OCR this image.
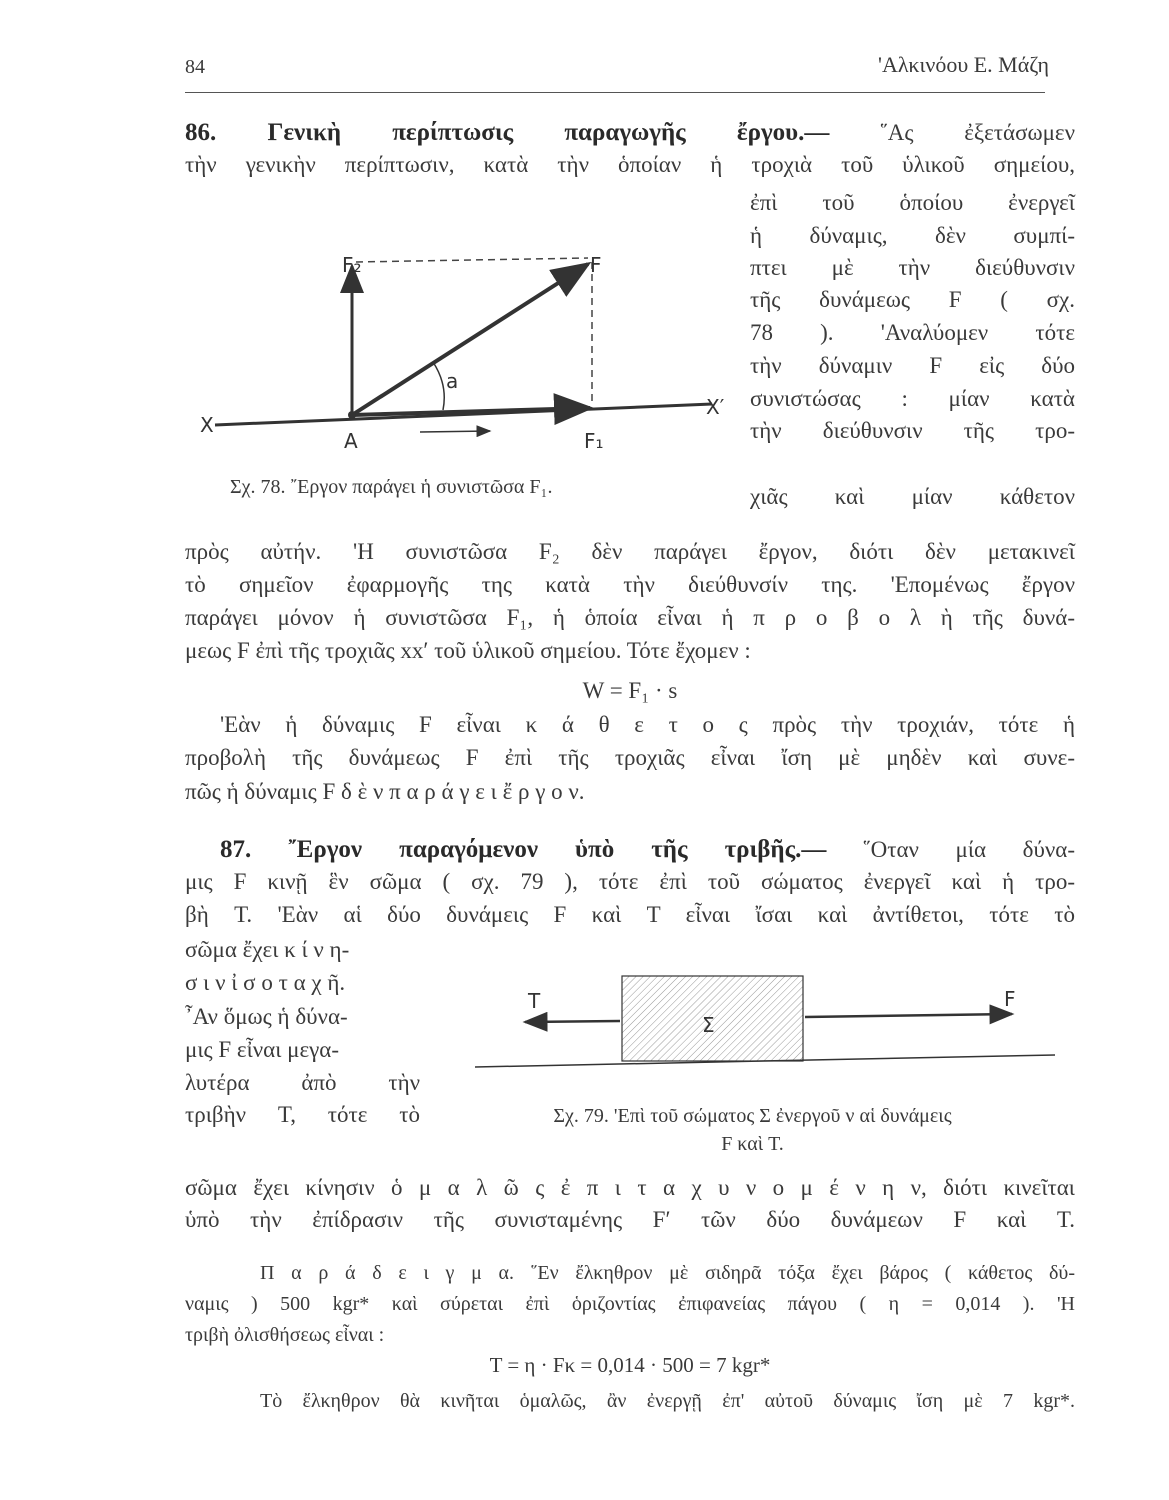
84	'Αλκινόου Ε. Μάζη
86. Γενικὴ περίπτωσις παραγωγῆς ἔργου.— ῞Ας ἐξετάσωμεν
τὴν γενικὴν περίπτωσιν, κατὰ τὴν ὁποίαν ἡ τροχιὰ τοῦ ὑλικοῦ σημείου,
ἐπὶ τοῦ ὁποίου ἐνεργεῖ
ἡ δύναμις, δὲν συμπί-
πτει μὲ τὴν διεύθυνσιν
τῆς δυνάμεως F ( σχ.
78 ). 'Αναλύομεν τότε
τὴν δύναμιν F εἰς δύο
συνιστώσας : μίαν κατὰ
τὴν διεύθυνσιν τῆς τρο-
χιᾶς καὶ μίαν κάθετον
X
X′
A
F
F₁
F₂
a
Σχ. 78. ῎Εργον παράγει ἡ συνιστῶσα F₁.
πρὸς αὐτήν. 'Η συνιστῶσα F₂ δὲν παράγει ἔργον, διότι δὲν μετακινεῖ
τὸ σημεῖον ἐφαρμογῆς της κατὰ τὴν διεύθυνσίν της. 'Επομένως ἔργον
παράγει μόνον ἡ συνιστῶσα F₁, ἡ ὁποία εἶναι ἡ π ρ ο β ο λ ὴ τῆς δυνά-
μεως F ἐπὶ τῆς τροχιᾶς xx′ τοῦ ὑλικοῦ σημείου. Τότε ἔχομεν :
W = F₁ · s
'Εὰν ἡ δύναμις F εἶναι κ ά θ ε τ ο ς πρὸς τὴν τροχιάν, τότε ἡ
προβολὴ τῆς δυνάμεως F ἐπὶ τῆς τροχιᾶς εἶναι ἴση μὲ μηδὲν καὶ συνε-
πῶς ἡ δύναμις F δ ὲ ν π α ρ ά γ ε ι ἔ ρ γ ο ν.
87. ῎Εργον παραγόμενον ὑπὸ τῆς τριβῆς.— ῞Οταν μία δύνα-
μις F κινῇ ἓν σῶμα ( σχ. 79 ), τότε ἐπὶ τοῦ σώματος ἐνεργεῖ καὶ ἡ τρο-
βὴ T. 'Εὰν αἱ δύο δυνάμεις F καὶ T εἶναι ἴσαι καὶ ἀντίθετοι, τότε τὸ
σῶμα ἔχει κ ί ν η-
σ ι ν ἰ σ ο τ α χ ῆ.
῏Αν ὅμως ἡ δύνα-
μις F εἶναι μεγα-
λυτέρα ἀπὸ τὴν
τριβὴν T, τότε τὸ
T	F
Σ
Σχ. 79. 'Επὶ τοῦ σώματος Σ ἐνεργοῦ ν αἱ δυνάμεις
F καὶ T.
σῶμα ἔχει κίνησιν ὁ μ α λ ῶ ς ἐ π ι τ α χ υ ν ο μ έ ν η ν, διότι κινεῖται
ὑπὸ τὴν ἐπίδρασιν τῆς συνισταμένης F′ τῶν δύο δυνάμεων F καὶ T.
Π α ρ ά δ ε ι γ μ α. ῞Εν ἔλκηθρον μὲ σιδηρᾶ τόξα ἔχει βάρος ( κάθετος δύ-
ναμις ) 500 kgr* καὶ σύρεται ἐπὶ ὁριζοντίας ἐπιφανείας πάγου ( η = 0,014 ). 'Η
τριβὴ ὀλισθήσεως εἶναι :
T = η · Fκ = 0,014 · 500 = 7 kgr*
Τὸ ἔλκηθρον θὰ κινῆται ὁμαλῶς, ἂν ἐνεργῇ ἐπ' αὐτοῦ δύναμις ἴση μὲ 7 kgr*.
